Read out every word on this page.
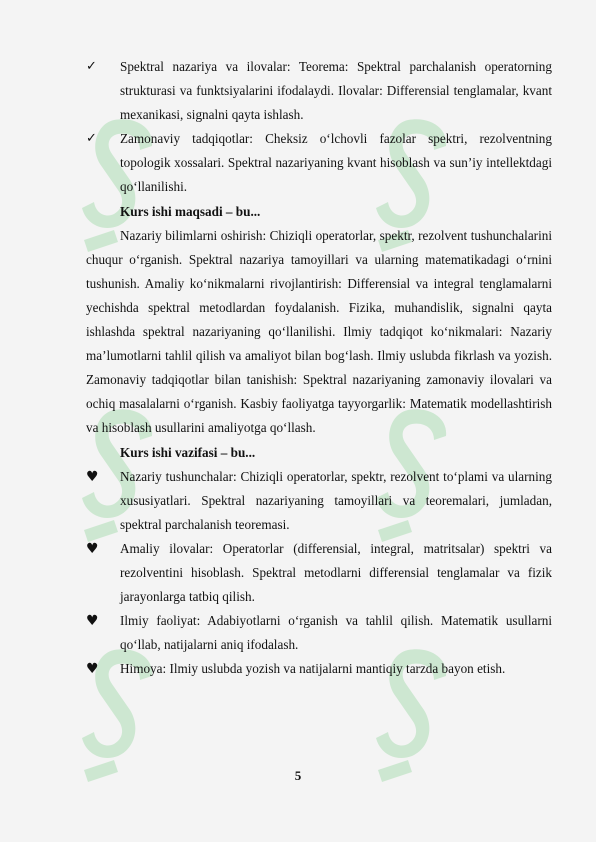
✓	Spektral nazariya va ilovalar: Teorema: Spektral parchalanish operatorning strukturasi va funktsiyalarini ifodalaydi. Ilovalar: Differensial tenglamalar, kvant mexanikasi, signalni qayta ishlash.
✓	Zamonaviy tadqiqotlar: Cheksiz o‘lchovli fazolar spektri, rezolventning topologik xossalari. Spektral nazariyaning kvant hisoblash va sun’iy intellektdagi qo‘llanilishi.
Kurs ishi maqsadi – bu...
Nazariy bilimlarni oshirish: Chiziqli operatorlar, spektr, rezolvent tushunchalarini chuqur o‘rganish. Spektral nazariya tamoyillari va ularning matematikadagi o‘rnini tushunish. Amaliy ko‘nikmalarni rivojlantirish: Differensial va integral tenglamalarni yechishda spektral metodlardan foydalanish. Fizika, muhandislik, signalni qayta ishlashda spektral nazariyaning qo‘llanilishi. Ilmiy tadqiqot ko‘nikmalari: Nazariy ma’lumotlarni tahlil qilish va amaliyot bilan bog‘lash. Ilmiy uslubda fikrlash va yozish. Zamonaviy tadqiqotlar bilan tanishish: Spektral nazariyaning zamonaviy ilovalari va ochiq masalalarni o‘rganish. Kasbiy faoliyatga tayyorgarlik: Matematik modellashtirish va hisoblash usullarini amaliyotga qo‘llash.
Kurs ishi vazifasi – bu...
♥	Nazariy tushunchalar: Chiziqli operatorlar, spektr, rezolvent to‘plami va ularning xususiyatlari. Spektral nazariyaning tamoyillari va teoremalari, jumladan, spektral parchalanish teoremasi.
♥	Amaliy ilovalar: Operatorlar (differensial, integral, matritsalar) spektri va rezolventini hisoblash. Spektral metodlarni differensial tenglamalar va fizik jarayonlarga tatbiq qilish.
♥	Ilmiy faoliyat: Adabiyotlarni o‘rganish va tahlil qilish. Matematik usullarni qo‘llab, natijalarni aniq ifodalash.
♥	Himoya: Ilmiy uslubda yozish va natijalarni mantiqiy tarzda bayon etish.
5
